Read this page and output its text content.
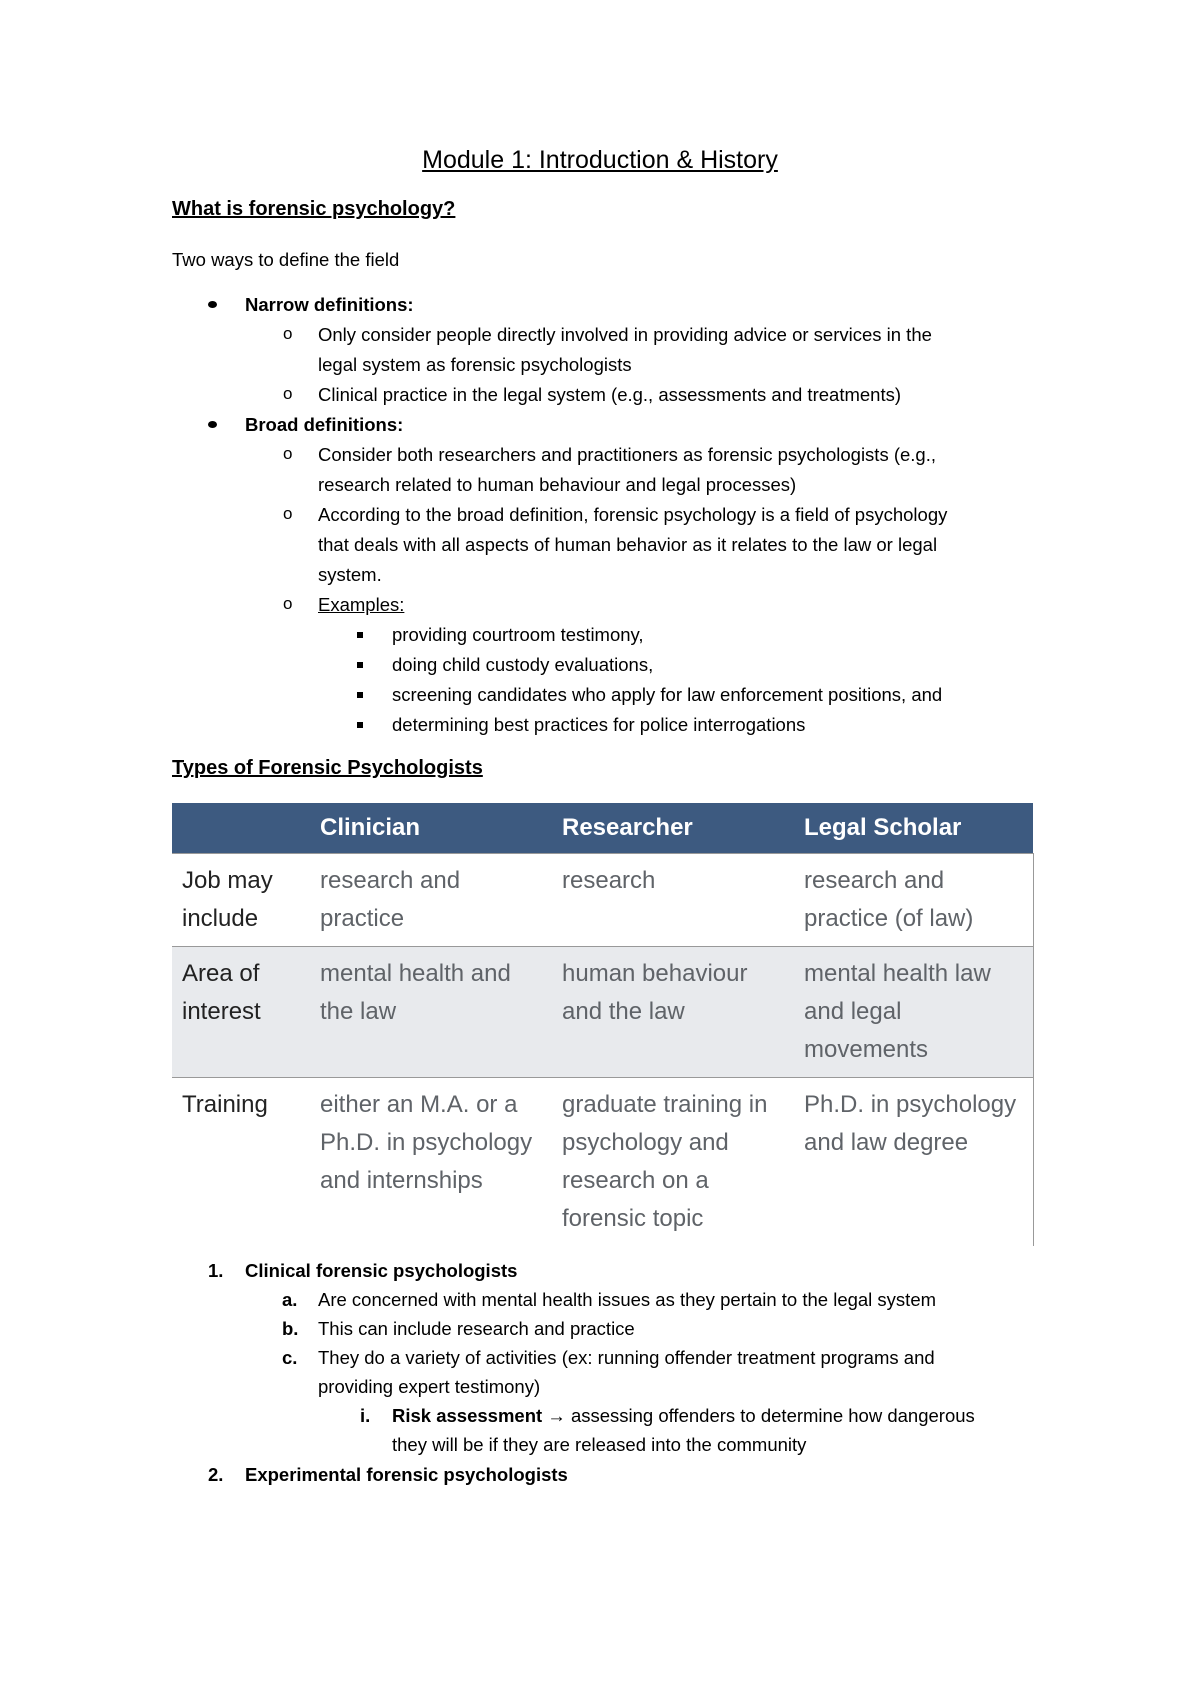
Module 1: Introduction & History
What is forensic psychology?
Two ways to define the field
Narrow definitions:
o Only consider people directly involved in providing advice or services in the
legal system as forensic psychologists
o Clinical practice in the legal system (e.g., assessments and treatments)
Broad definitions:
o Consider both researchers and practitioners as forensic psychologists (e.g.,
research related to human behaviour and legal processes)
o According to the broad definition, forensic psychology is a field of psychology
that deals with all aspects of human behavior as it relates to the law or legal
system.
o Examples:
providing courtroom testimony,
doing child custody evaluations,
screening candidates who apply for law enforcement positions, and
determining best practices for police interrogations
Types of Forensic Psychologists
	Clinician	Researcher	Legal Scholar
Job may include	research and practice	research	research and practice (of law)
Area of interest	mental health and the law	human behaviour and the law	mental health law and legal movements
Training	either an M.A. or a Ph.D. in psychology and internships	graduate training in psychology and research on a forensic topic	Ph.D. in psychology and law degree
1. Clinical forensic psychologists
a. Are concerned with mental health issues as they pertain to the legal system
b. This can include research and practice
c. They do a variety of activities (ex: running offender treatment programs and
providing expert testimony)
i. Risk assessment → assessing offenders to determine how dangerous
they will be if they are released into the community
2. Experimental forensic psychologists
